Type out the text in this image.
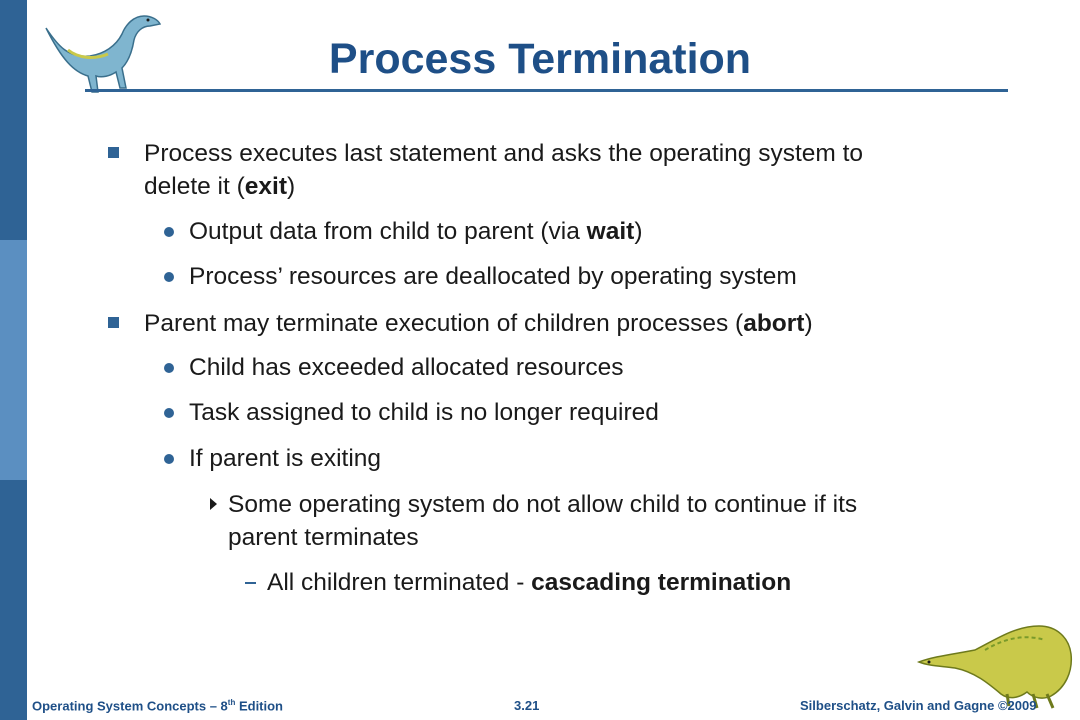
Process Termination
Process executes last statement and asks the operating system to
delete it (exit)
Output data from child to parent (via wait)
Process’ resources are deallocated by operating system
Parent may terminate execution of children processes (abort)
Child has exceeded allocated resources
Task assigned to child is no longer required
If parent is exiting
Some operating system do not allow child to continue if its
parent terminates
All children terminated - cascading termination
Operating System Concepts – 8th Edition	3.21	Silberschatz, Galvin and Gagne ©2009
